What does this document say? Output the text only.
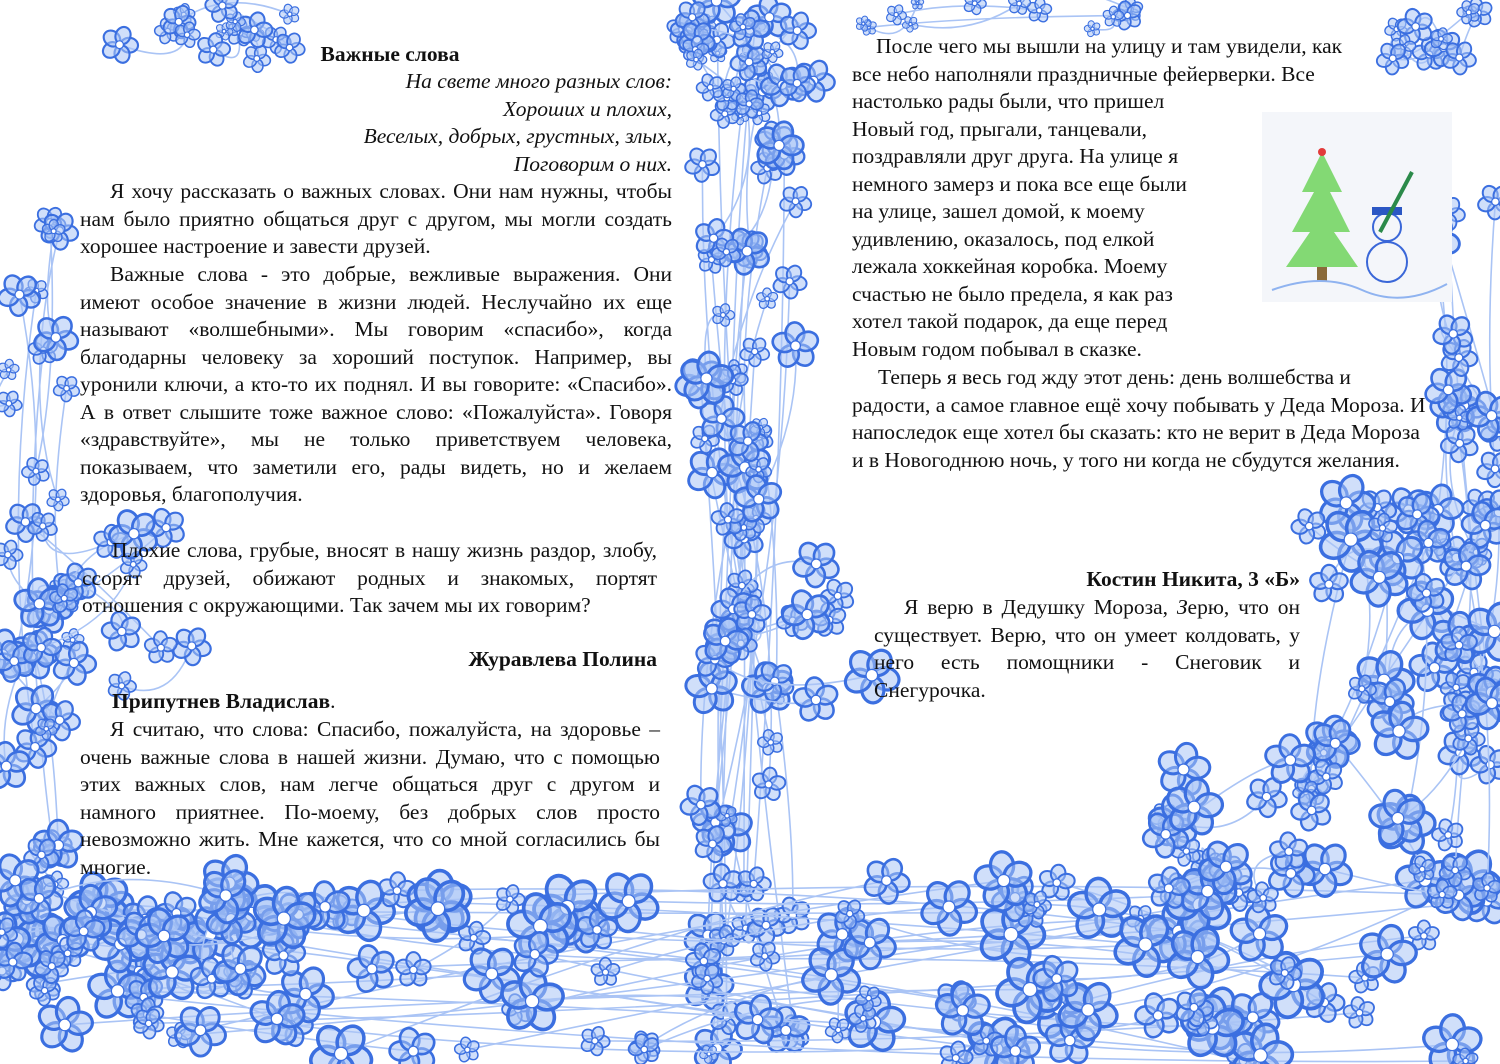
Важные слова

На свете много разных слов:

Хороших и плохих,

Веселых, добрых, грустных, злых,

Поговорим о них.

Я хочу рассказать о важных словах. Они нам нужны, чтобы нам было приятно общаться друг с другом, мы могли создать хорошее настроение и завести друзей.
Важные слова - это добрые, вежливые выражения. Они имеют особое значение в жизни людей. Неслучайно их еще называют «волшебными». Мы говорим «спасибо», когда благодарны человеку за хороший поступок. Например, вы уронили ключи, а кто-то их поднял. И вы говорите: «Спасибо». А в ответ слышите тоже важное слово: «Пожалуйста». Говоря «здравствуйте», мы не только приветствуем человека, показываем, что заметили его, рады видеть, но и желаем здоровья, благополучия.
Плохие слова, грубые, вносят в нашу жизнь раздор, злобу, ссорят друзей, обижают родных и знакомых, портят отношения с окружающими. Так зачем мы их говорим?
Журавлева Полина
Припутнев Владислав.
Я считаю, что слова: Спасибо, пожалуйста, на здоровье – очень важные слова в нашей жизни. Думаю, что с помощью этих важных слов, нам легче общаться друг с другом и намного приятнее. По-моему, без добрых слов просто невозможно жить. Мне кажется, что со мной согласились бы многие.

После чего мы вышли на улицу и там увидели, как

все небо наполняли праздничные фейерверки. Все

настолько рады были, что пришел

Новый год, прыгали, танцевали,

поздравляли друг друга. На улице я

немного замерз и пока все еще были

на улице, зашел домой, к моему

удивлению, оказалось, под елкой

лежала хоккейная коробка. Моему

счастью не было предела, я как раз

хотел такой подарок, да еще перед

Новым годом побывал в сказке.

Теперь я весь год жду этот день: день волшебства и радости, а самое главное ещё хочу побывать у Деда Мороза. И напоследок еще хотел бы сказать: кто не верит в Деда Мороза и в Новогоднюю ночь, у того ни когда не сбудутся желания.
Костин Никита, 3 «Б»
Я верю в Дедушку Мороза, Зерю, что он существует. Верю, что он умеет колдовать, у него есть помощники - Снеговик и Снегурочка.
